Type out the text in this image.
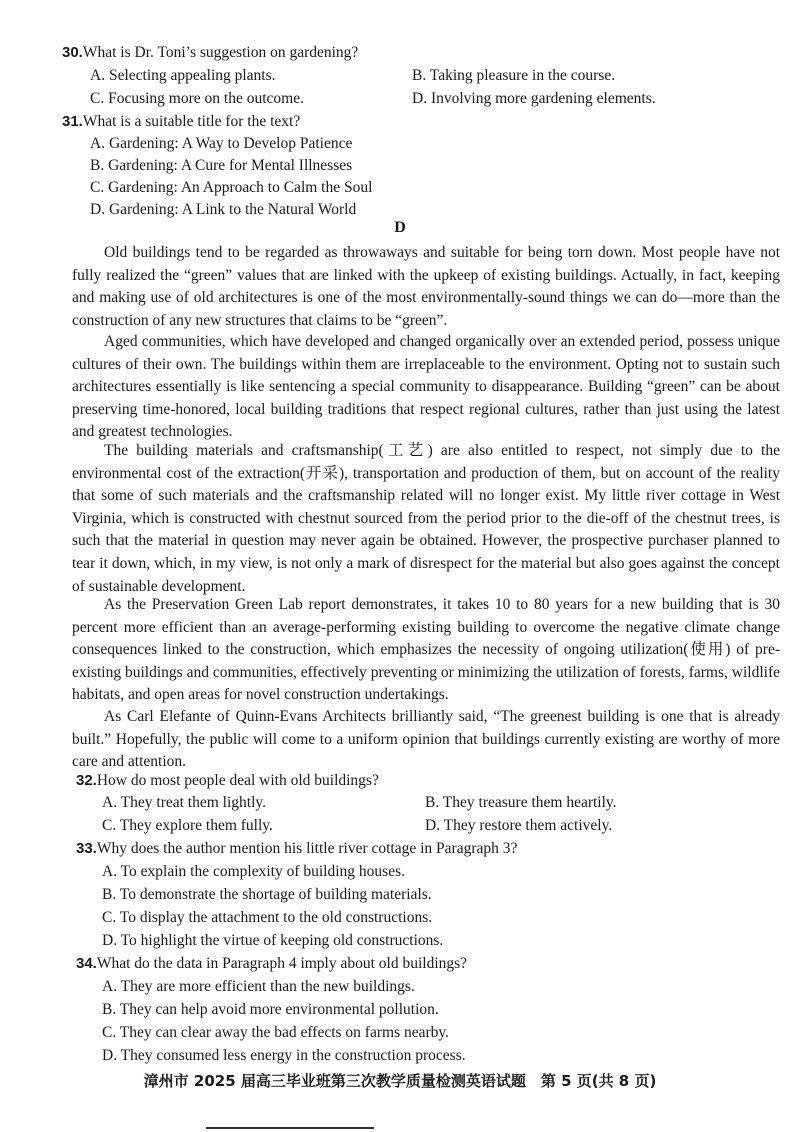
30.What is Dr. Toni’s suggestion on gardening?
A. Selecting appealing plants.	B. Taking pleasure in the course.
C. Focusing more on the outcome.	D. Involving more gardening elements.
31.What is a suitable title for the text?
A. Gardening: A Way to Develop Patience
B. Gardening: A Cure for Mental Illnesses
C. Gardening: An Approach to Calm the Soul
D. Gardening: A Link to the Natural World
D

Old buildings tend to be regarded as throwaways and suitable for being torn down. Most people have not fully realized the “green” values that are linked with the upkeep of existing buildings. Actually, in fact, keeping and making use of old architectures is one of the most environmentally-sound things we can do—more than the construction of any new structures that claims to be “green”.

Aged communities, which have developed and changed organically over an extended period, possess unique cultures of their own. The buildings within them are irreplaceable to the environment. Opting not to sustain such architectures essentially is like sentencing a special community to disappearance. Building “green” can be about preserving time-honored, local building traditions that respect regional cultures, rather than just using the latest and greatest technologies.

The building materials and craftsmanship(工艺) are also entitled to respect, not simply due to the environmental cost of the extraction(开采), transportation and production of them, but on account of the reality that some of such materials and the craftsmanship related will no longer exist. My little river cottage in West Virginia, which is constructed with chestnut sourced from the period prior to the die-off of the chestnut trees, is such that the material in question may never again be obtained. However, the prospective purchaser planned to tear it down, which, in my view, is not only a mark of disrespect for the material but also goes against the concept of sustainable development.

As the Preservation Green Lab report demonstrates, it takes 10 to 80 years for a new building that is 30 percent more efficient than an average-performing existing building to overcome the negative climate change consequences linked to the construction, which emphasizes the necessity of ongoing utilization(使用) of pre-existing buildings and communities, effectively preventing or minimizing the utilization of forests, farms, wildlife habitats, and open areas for novel construction undertakings.

As Carl Elefante of Quinn-Evans Architects brilliantly said, “The greenest building is one that is already built.” Hopefully, the public will come to a uniform opinion that buildings currently existing are worthy of more care and attention.

32.How do most people deal with old buildings?
A. They treat them lightly.	B. They treasure them heartily.
C. They explore them fully.	D. They restore them actively.
33.Why does the author mention his little river cottage in Paragraph 3?
A. To explain the complexity of building houses.
B. To demonstrate the shortage of building materials.
C. To display the attachment to the old constructions.
D. To highlight the virtue of keeping old constructions.
34.What do the data in Paragraph 4 imply about old buildings?
A. They are more efficient than the new buildings.
B. They can help avoid more environmental pollution.
C. They can clear away the bad effects on farms nearby.
D. They consumed less energy in the construction process.
漳州市 2025 届高三毕业班第三次教学质量检测英语试题　第 5 页(共 8 页)
